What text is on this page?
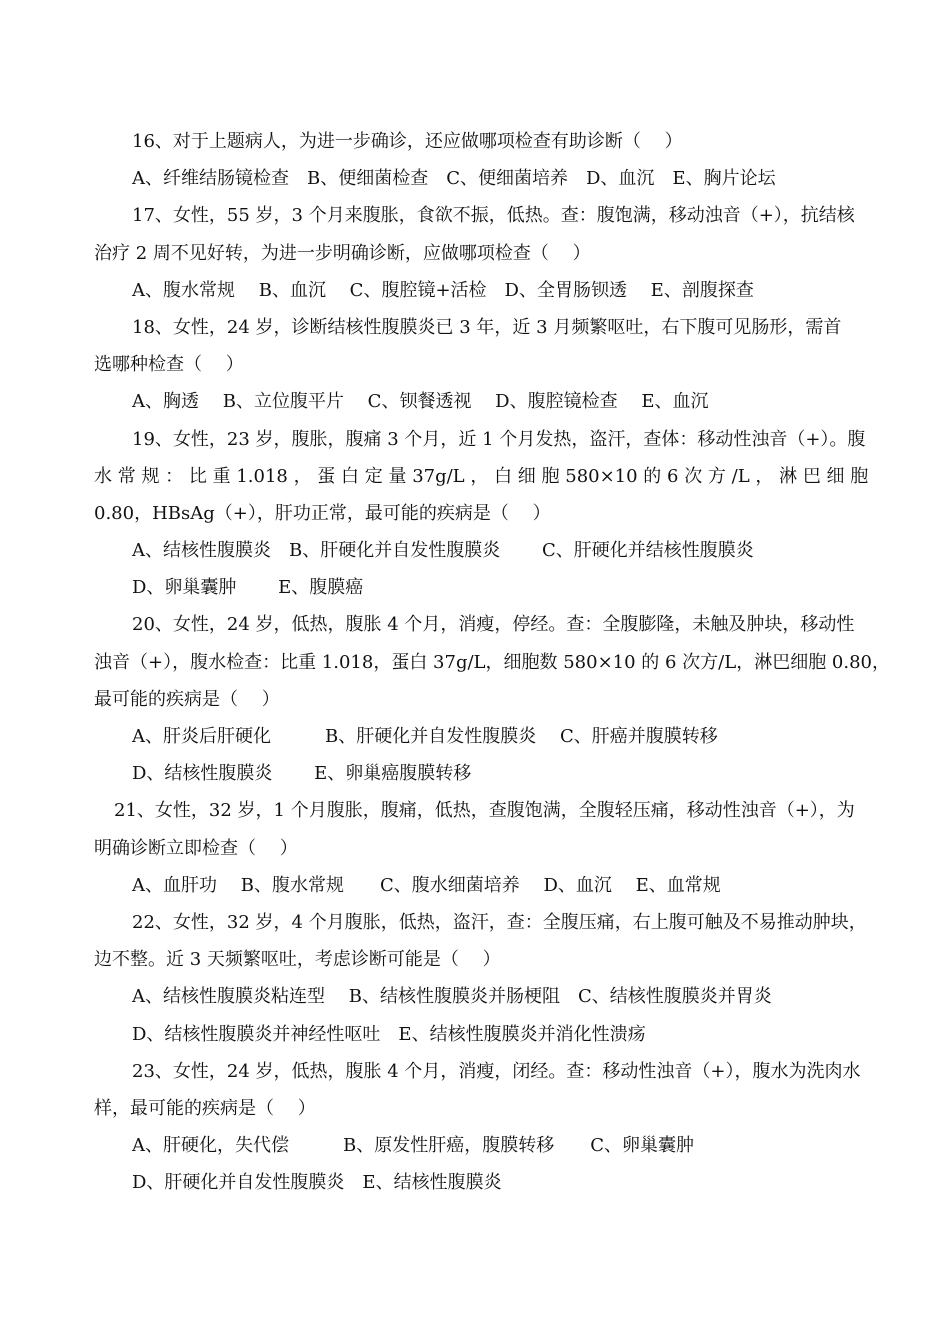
16、对于上题病人，为进一步确诊，还应做哪项检查有助诊断（　 ）
A、纤维结肠镜检查　B、便细菌检查　C、便细菌培养　D、血沉　E、胸片论坛
17、女性，55 岁，3 个月来腹胀，食欲不振，低热。查：腹饱满，移动浊音（+），抗结核
治疗 2 周不见好转，为进一步明确诊断，应做哪项检查（　 ）
A、腹水常规　 B、血沉　 C、腹腔镜+活检　D、全胃肠钡透　 E、剖腹探查
18、女性，24 岁，诊断结核性腹膜炎已 3 年，近 3 月频繁呕吐，右下腹可见肠形，需首
选哪种检查（　 ）
A、胸透　 B、立位腹平片　 C、钡餐透视　 D、腹腔镜检查　 E、血沉
19、女性，23 岁，腹胀，腹痛 3 个月，近 1 个月发热，盗汗，查体：移动性浊音（+）。腹
水 常 规 ： 比 重 1.018 ， 蛋 白 定 量 37g/L ， 白 细 胞 580×10 的 6 次 方 /L ， 淋 巴 细 胞
0.80，HBsAg（+），肝功正常，最可能的疾病是（　 ）
A、结核性腹膜炎　B、肝硬化并自发性腹膜炎　　 C、肝硬化并结核性腹膜炎
D、卵巢囊肿　　 E、腹膜癌
20、女性，24 岁，低热，腹胀 4 个月，消瘦，停经。查：全腹膨隆，未触及肿块，移动性
浊音（+），腹水检查：比重 1.018，蛋白 37g/L，细胞数 580×10 的 6 次方/L，淋巴细胞 0.80，
最可能的疾病是（　 ）
A、肝炎后肝硬化　　　B、肝硬化并自发性腹膜炎　 C、肝癌并腹膜转移
D、结核性腹膜炎　　 E、卵巢癌腹膜转移
21、女性，32 岁，1 个月腹胀，腹痛，低热，查腹饱满，全腹轻压痛，移动性浊音（+），为
明确诊断立即检查（　 ）
A、血肝功　 B、腹水常规　　C、腹水细菌培养　 D、血沉　 E、血常规
22、女性，32 岁，4 个月腹胀，低热，盗汗，查：全腹压痛，右上腹可触及不易推动肿块，
边不整。近 3 天频繁呕吐，考虑诊断可能是（　 ）
A、结核性腹膜炎粘连型　 B、结核性腹膜炎并肠梗阻　C、结核性腹膜炎并胃炎
D、结核性腹膜炎并神经性呕吐　E、结核性腹膜炎并消化性溃疡
23、女性，24 岁，低热，腹胀 4 个月，消瘦，闭经。查：移动性浊音（+），腹水为洗肉水
样，最可能的疾病是（　 ）
A、肝硬化，失代偿　　　B、原发性肝癌，腹膜转移　　C、卵巢囊肿
D、肝硬化并自发性腹膜炎　E、结核性腹膜炎
